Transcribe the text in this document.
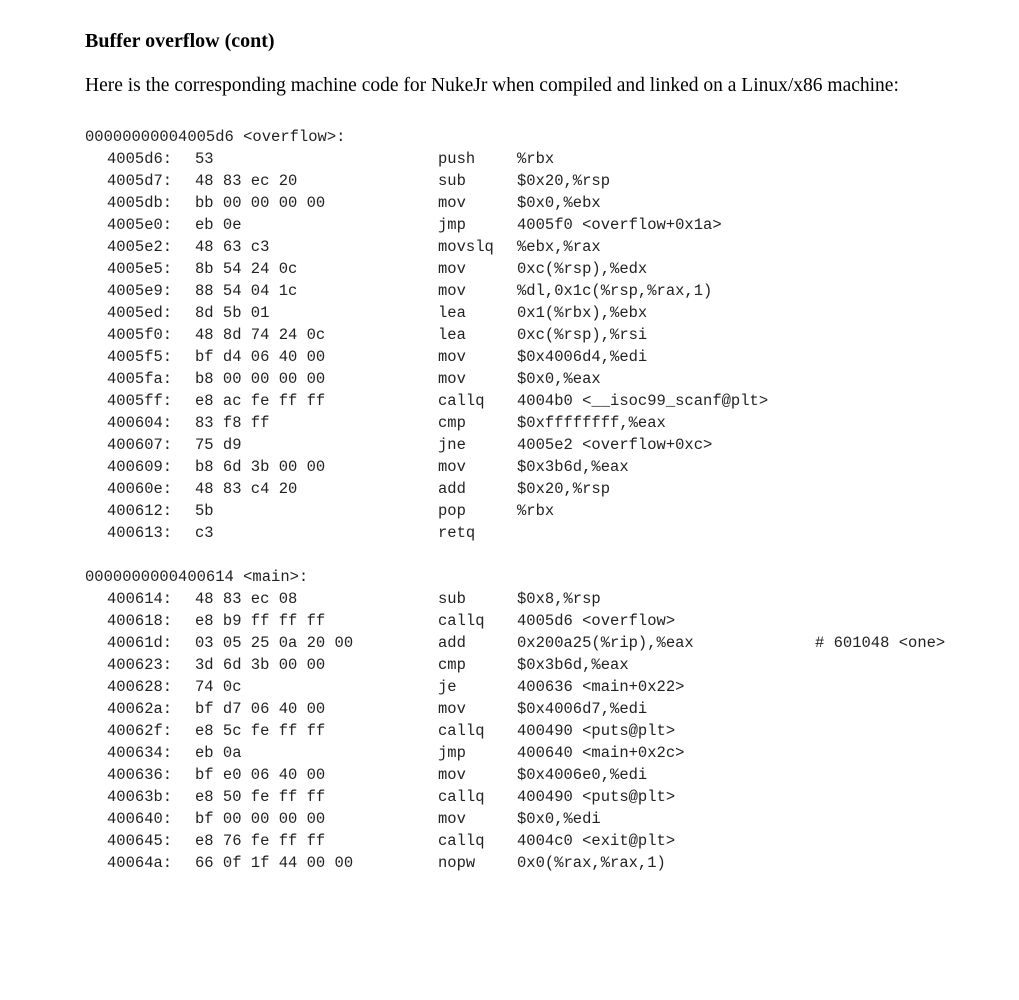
Buffer overflow (cont)
Here is the corresponding machine code for NukeJr when compiled and linked on a Linux/x86 machine:
00000000004005d6 <overflow>:
4005d6: 53	push	%rbx
4005d7: 48 83 ec 20	sub	$0x20,%rsp
4005db: bb 00 00 00 00	mov	$0x0,%ebx
4005e0: eb 0e	jmp	4005f0 <overflow+0x1a>
4005e2: 48 63 c3	movslq %ebx,%rax
4005e5: 8b 54 24 0c	mov	0xc(%rsp),%edx
4005e9: 88 54 04 1c	mov	%dl,0x1c(%rsp,%rax,1)
4005ed: 8d 5b 01	lea	0x1(%rbx),%ebx
4005f0: 48 8d 74 24 0c	lea	0xc(%rsp),%rsi
4005f5: bf d4 06 40 00	mov	$0x4006d4,%edi
4005fa: b8 00 00 00 00	mov	$0x0,%eax
4005ff: e8 ac fe ff ff	callq 4004b0 <__isoc99_scanf@plt>
400604: 83 f8 ff	cmp	$0xffffffff,%eax
400607: 75 d9	jne	4005e2 <overflow+0xc>
400609: b8 6d 3b 00 00	mov	$0x3b6d,%eax
40060e: 48 83 c4 20	add	$0x20,%rsp
400612: 5b	pop	%rbx
400613: c3	retq
0000000000400614 <main>:
400614: 48 83 ec 08	sub	$0x8,%rsp
400618: e8 b9 ff ff ff	callq 4005d6 <overflow>
40061d: 03 05 25 0a 20 00	add	0x200a25(%rip),%eax	# 601048 <one>
400623: 3d 6d 3b 00 00	cmp	$0x3b6d,%eax
400628: 74 0c	je	400636 <main+0x22>
40062a: bf d7 06 40 00	mov	$0x4006d7,%edi
40062f: e8 5c fe ff ff	callq 400490 <puts@plt>
400634: eb 0a	jmp	400640 <main+0x2c>
400636: bf e0 06 40 00	mov	$0x4006e0,%edi
40063b: e8 50 fe ff ff	callq 400490 <puts@plt>
400640: bf 00 00 00 00	mov	$0x0,%edi
400645: e8 76 fe ff ff	callq 4004c0 <exit@plt>
40064a: 66 0f 1f 44 00 00	nopw	0x0(%rax,%rax,1)
